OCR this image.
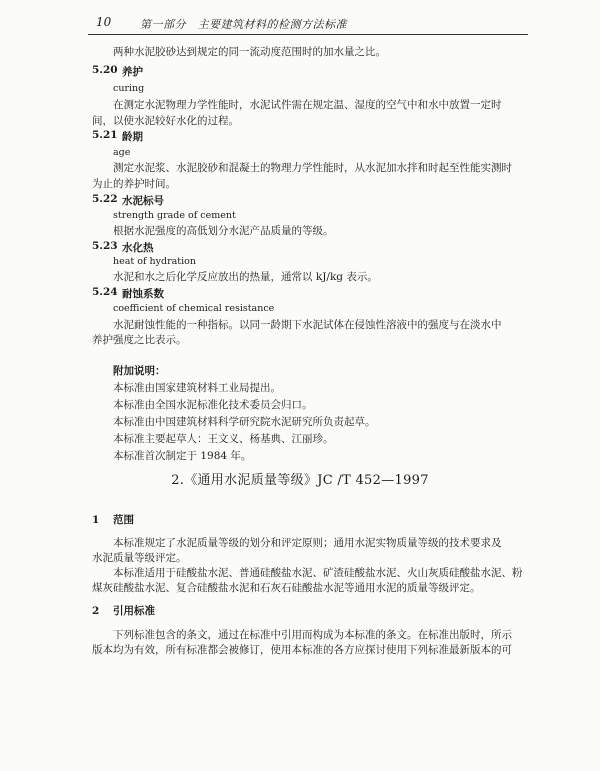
10	第一部分　主要建筑材料的检测方法标准
两种水泥胶砂达到规定的同一流动度范围时的加水量之比。
5.20 养护
curing
在测定水泥物理力学性能时，水泥试件需在规定温、湿度的空气中和水中放置一定时
间，以使水泥较好水化的过程。
5.21 龄期
age
测定水泥浆、水泥胶砂和混凝土的物理力学性能时，从水泥加水拌和时起至性能实测时
为止的养护时间。
5.22 水泥标号
strength grade of cement
根据水泥强度的高低划分水泥产品质量的等级。
5.23 水化热
heat of hydration
水泥和水之后化学反应放出的热量，通常以 kJ/kg 表示。
5.24 耐蚀系数
coefficient of chemical resistance
水泥耐蚀性能的一种指标。以同一龄期下水泥试体在侵蚀性溶液中的强度与在淡水中
养护强度之比表示。
附加说明：
本标准由国家建筑材料工业局提出。
本标准由全国水泥标准化技术委员会归口。
本标准由中国建筑材料科学研究院水泥研究所负责起草。
本标准主要起草人：王文义、杨基典、江丽珍。
本标准首次制定于 1984 年。
2.《通用水泥质量等级》JC /T 452—1997
1 范围
本标准规定了水泥质量等级的划分和评定原则；通用水泥实物质量等级的技术要求及
水泥质量等级评定。
本标准适用于硅酸盐水泥、普通硅酸盐水泥、矿渣硅酸盐水泥、火山灰质硅酸盐水泥、粉
煤灰硅酸盐水泥、复合硅酸盐水泥和石灰石硅酸盐水泥等通用水泥的质量等级评定。
2 引用标准
下列标准包含的条文，通过在标准中引用而构成为本标准的条文。在标准出版时，所示
版本均为有效，所有标准都会被修订，使用本标准的各方应探讨使用下列标准最新版本的可
